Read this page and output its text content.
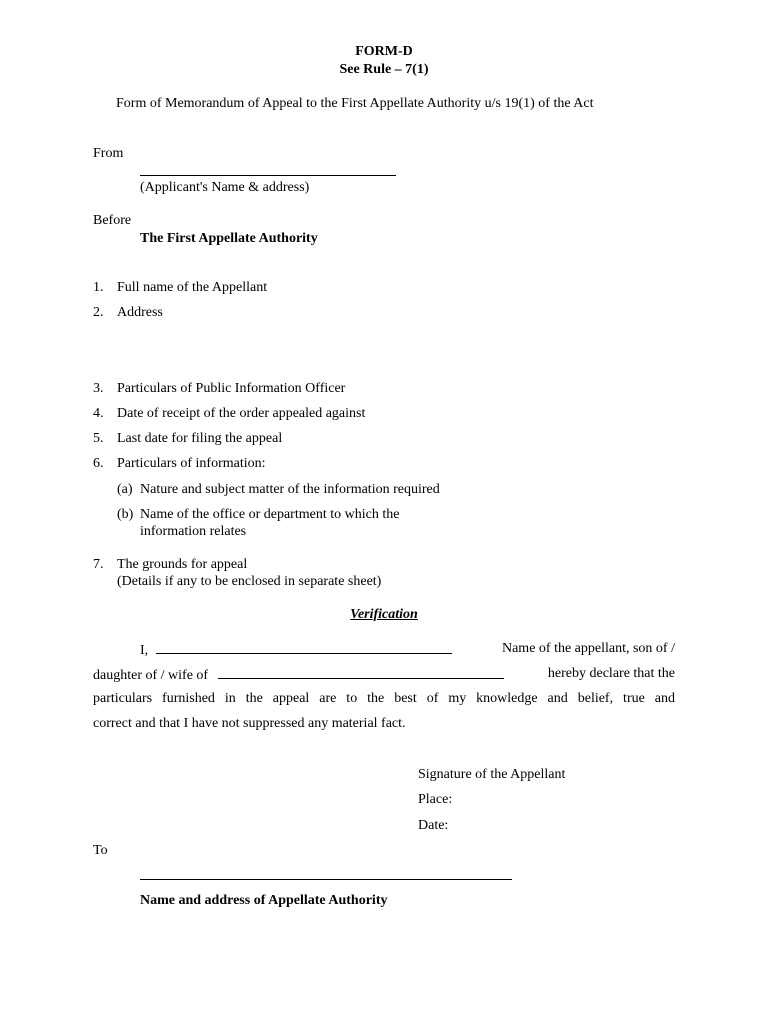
FORM-D
See Rule – 7(1)
Form of Memorandum of Appeal to the First Appellate Authority u/s 19(1) of the Act
From
(Applicant's Name & address)
Before
The First Appellate Authority
1. Full name of the Appellant
2. Address
3. Particulars of Public Information Officer
4. Date of receipt of the order appealed against
5. Last date for filing the appeal
6. Particulars of information:
(a) Nature and subject matter of the information required
(b) Name of the office or department to which the
information relates
7. The grounds for appeal
(Details if any to be enclosed in separate sheet)
Verification
I,	Name of the appellant, son of /
daughter of / wife of	hereby declare that the
particulars furnished in the appeal are to the best of my knowledge and belief, true and
correct and that I have not suppressed any material fact.
Signature of the Appellant
Place:
Date:
To
Name and address of Appellate Authority
